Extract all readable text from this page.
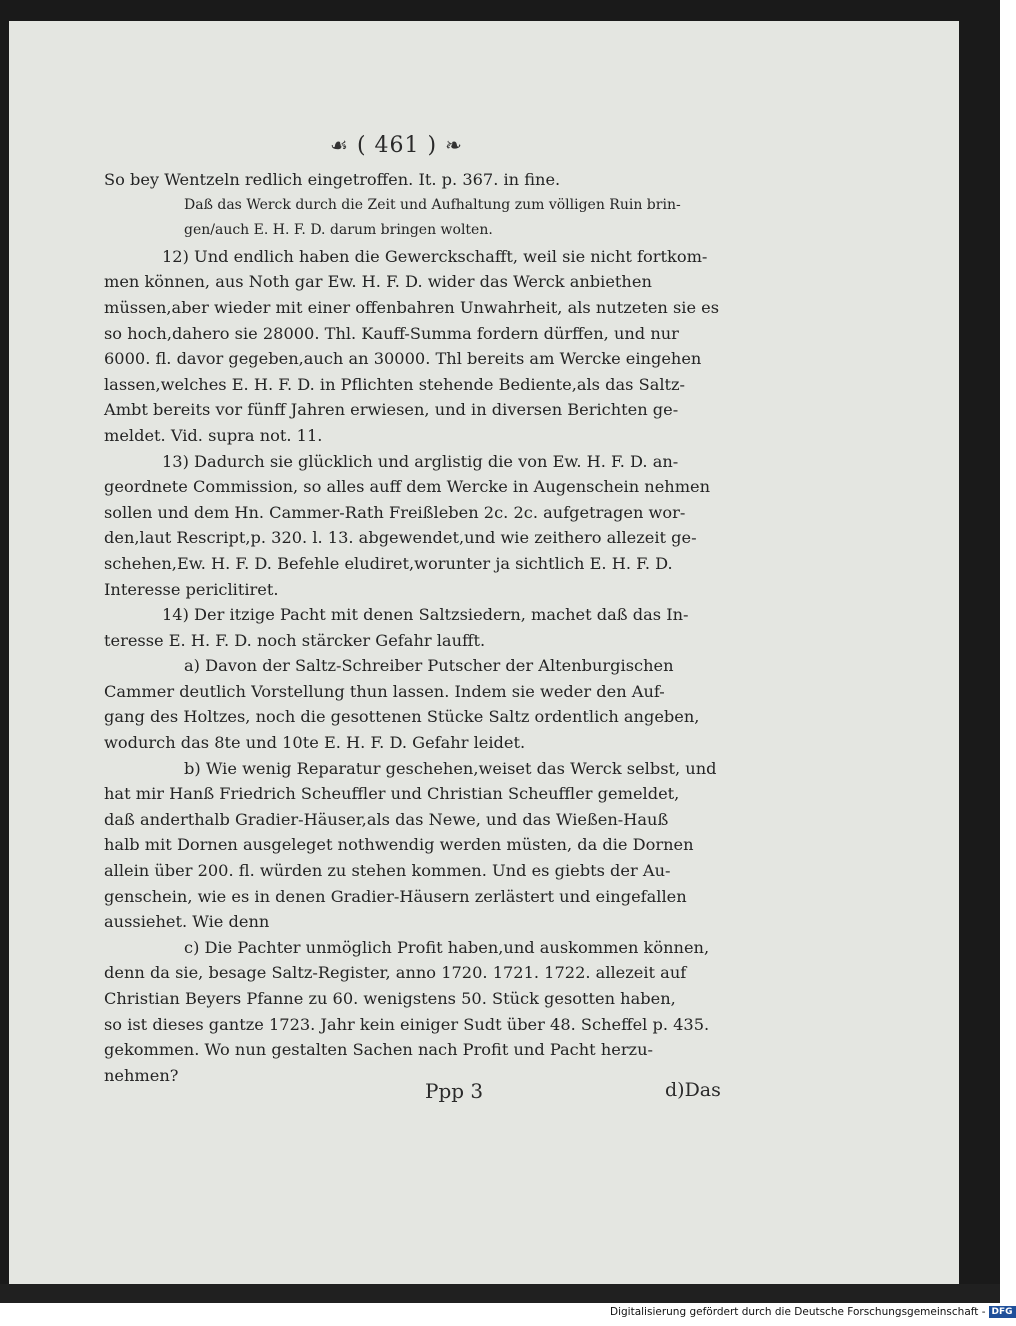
☙ ( 461 ) ❧
So bey Wentzeln redlich eingetroffen. It. p. 367. in fine.
Daß das Werck durch die Zeit und Aufhaltung zum völligen Ruin brin-
gen/auch E. H. F. D. darum bringen wolten.
12) Und endlich haben die Gewerckschafft, weil sie nicht fortkom-
men können, aus Noth gar Ew. H. F. D. wider das Werck anbiethen
müssen,aber wieder mit einer offenbahren Unwahrheit, als nutzeten sie es
so hoch,dahero sie 28000. Thl. Kauff-Summa fordern dürffen, und nur
6000. fl. davor gegeben,auch an 30000. Thl bereits am Wercke eingehen
lassen,welches E. H. F. D. in Pflichten stehende Bediente,als das Saltz-
Ambt bereits vor fünff Jahren erwiesen, und in diversen Berichten ge-
meldet. Vid. supra not. 11.
13) Dadurch sie glücklich und arglistig die von Ew. H. F. D. an-
geordnete Commission, so alles auff dem Wercke in Augenschein nehmen
sollen und dem Hn. Cammer-Rath Freißleben 2c. 2c. aufgetragen wor-
den,laut Rescript,p. 320. l. 13. abgewendet,und wie zeithero allezeit ge-
schehen,Ew. H. F. D. Befehle eludiret,worunter ja sichtlich E. H. F. D.
Interesse periclitiret.
14) Der itzige Pacht mit denen Saltzsiedern, machet daß das In-
teresse E. H. F. D. noch stärcker Gefahr laufft.
a) Davon der Saltz-Schreiber Putscher der Altenburgischen
Cammer deutlich Vorstellung thun lassen. Indem sie weder den Auf-
gang des Holtzes, noch die gesottenen Stücke Saltz ordentlich angeben,
wodurch das 8te und 10te E. H. F. D. Gefahr leidet.
b) Wie wenig Reparatur geschehen,weiset das Werck selbst, und
hat mir Hanß Friedrich Scheuffler und Christian Scheuffler gemeldet,
daß anderthalb Gradier-Häuser,als das Newe, und das Wießen-Hauß
halb mit Dornen ausgeleget nothwendig werden müsten, da die Dornen
allein über 200. fl. würden zu stehen kommen. Und es giebts der Au-
genschein, wie es in denen Gradier-Häusern zerlästert und eingefallen
aussiehet. Wie denn
c) Die Pachter unmöglich Profit haben,und auskommen können,
denn da sie, besage Saltz-Register, anno 1720. 1721. 1722. allezeit auf
Christian Beyers Pfanne zu 60. wenigstens 50. Stück gesotten haben,
so ist dieses gantze 1723. Jahr kein einiger Sudt über 48. Scheffel p. 435.
gekommen. Wo nun gestalten Sachen nach Profit und Pacht herzu-
nehmen?
Ppp 3	d)Das
Digitalisierung gefördert durch die Deutsche Forschungsgemeinschaft - DFG
